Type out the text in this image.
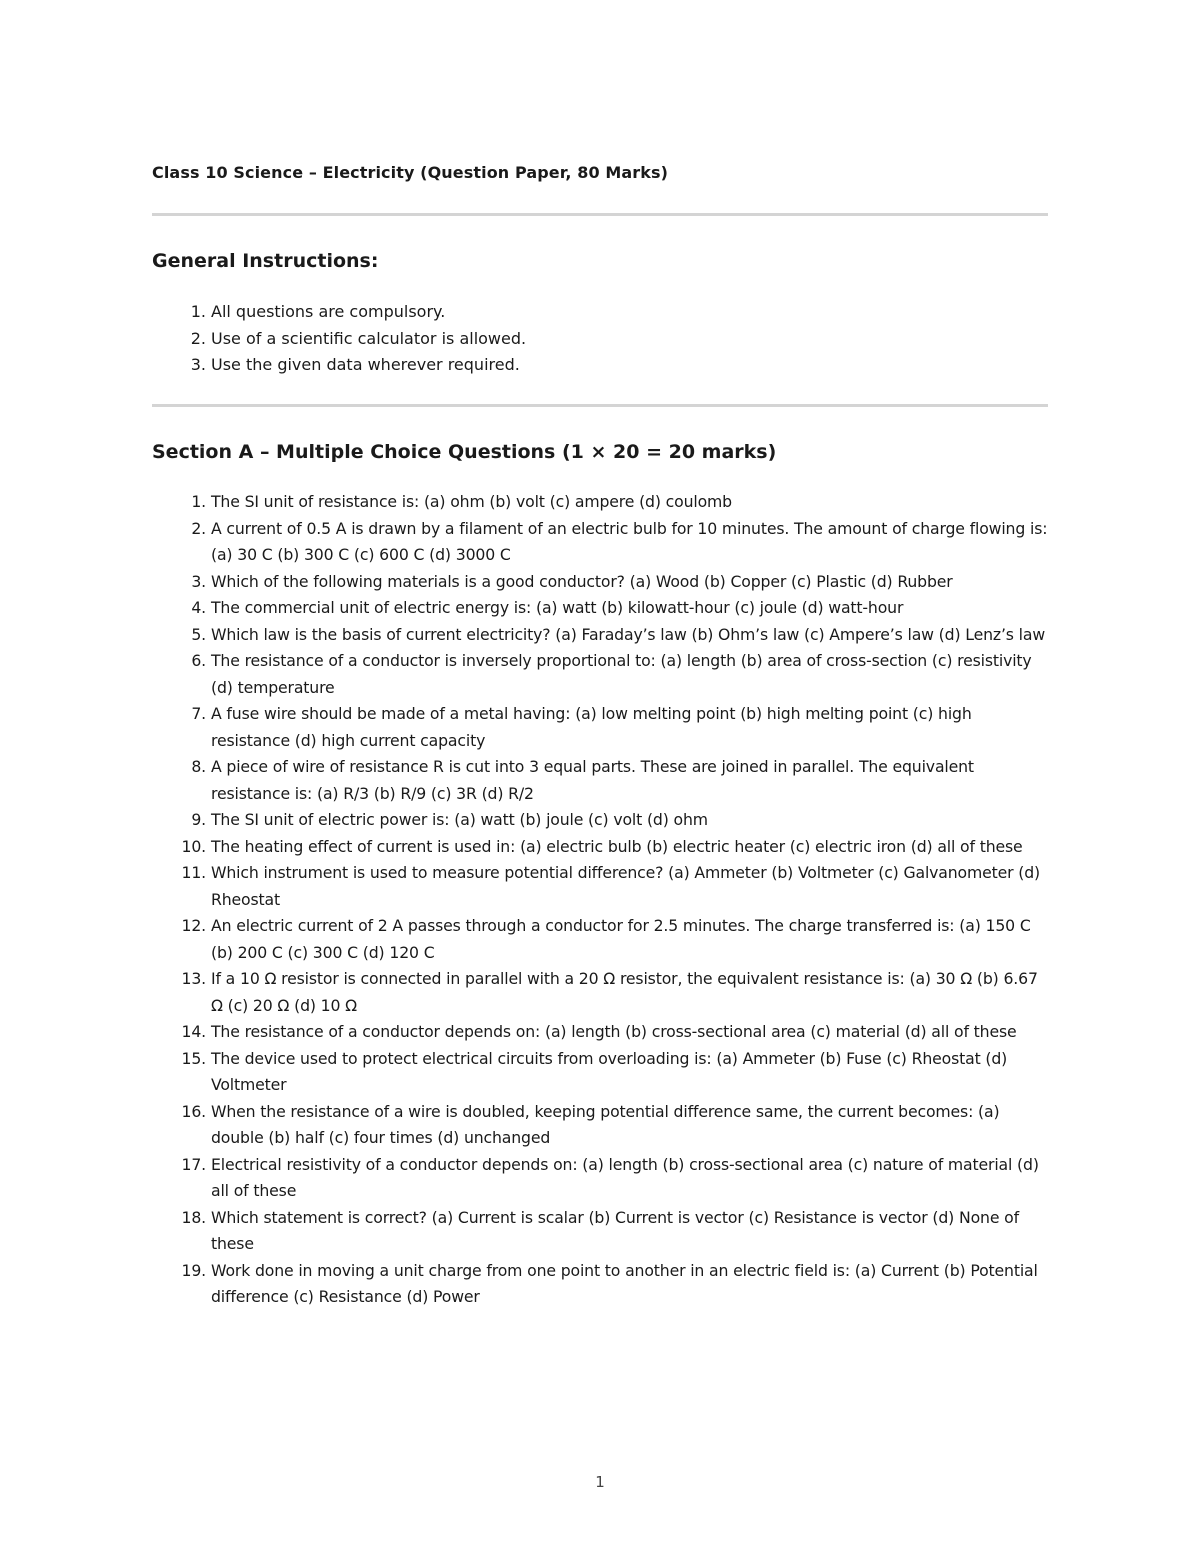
Class 10 Science – Electricity (Question Paper, 80 Marks)
General Instructions:
1. All questions are compulsory.
2. Use of a scientific calculator is allowed.
3. Use the given data wherever required.
Section A – Multiple Choice Questions (1 × 20 = 20 marks)
1. The SI unit of resistance is: (a) ohm (b) volt (c) ampere (d) coulomb
2. A current of 0.5 A is drawn by a filament of an electric bulb for 10 minutes. The amount of charge flowing is: (a) 30 C (b) 300 C (c) 600 C (d) 3000 C
3. Which of the following materials is a good conductor? (a) Wood (b) Copper (c) Plastic (d) Rubber
4. The commercial unit of electric energy is: (a) watt (b) kilowatt-hour (c) joule (d) watt-hour
5. Which law is the basis of current electricity? (a) Faraday’s law (b) Ohm’s law (c) Ampere’s law (d) Lenz’s law
6. The resistance of a conductor is inversely proportional to: (a) length (b) area of cross-section (c) resistivity (d) temperature
7. A fuse wire should be made of a metal having: (a) low melting point (b) high melting point (c) high resistance (d) high current capacity
8. A piece of wire of resistance R is cut into 3 equal parts. These are joined in parallel. The equivalent resistance is: (a) R/3 (b) R/9 (c) 3R (d) R/2
9. The SI unit of electric power is: (a) watt (b) joule (c) volt (d) ohm
10. The heating effect of current is used in: (a) electric bulb (b) electric heater (c) electric iron (d) all of these
11. Which instrument is used to measure potential difference? (a) Ammeter (b) Voltmeter (c) Galvanometer (d) Rheostat
12. An electric current of 2 A passes through a conductor for 2.5 minutes. The charge transferred is: (a) 150 C (b) 200 C (c) 300 C (d) 120 C
13. If a 10 Ω resistor is connected in parallel with a 20 Ω resistor, the equivalent resistance is: (a) 30 Ω (b) 6.67 Ω (c) 20 Ω (d) 10 Ω
14. The resistance of a conductor depends on: (a) length (b) cross-sectional area (c) material (d) all of these
15. The device used to protect electrical circuits from overloading is: (a) Ammeter (b) Fuse (c) Rheostat (d) Voltmeter
16. When the resistance of a wire is doubled, keeping potential difference same, the current becomes: (a) double (b) half (c) four times (d) unchanged
17. Electrical resistivity of a conductor depends on: (a) length (b) cross-sectional area (c) nature of material (d) all of these
18. Which statement is correct? (a) Current is scalar (b) Current is vector (c) Resistance is vector (d) None of these
19. Work done in moving a unit charge from one point to another in an electric field is: (a) Current (b) Potential difference (c) Resistance (d) Power
1
